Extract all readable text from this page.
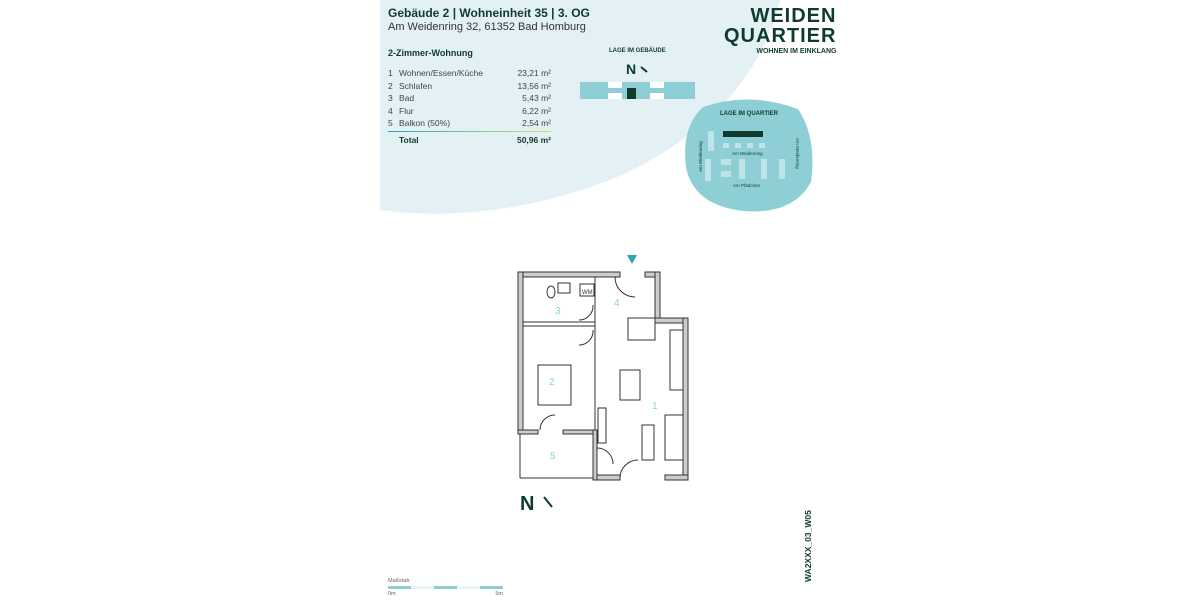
Gebäude 2 | Wohneinheit 35 | 3. OG
Am Weidenring 32, 61352 Bad Homburg
2-Zimmer-Wohnung
1 Wohnen/Essen/Küche	23,21 m²
2 Schlafen	13,56 m²
3 Bad	5,43 m²
4 Flur	6,22 m²
5 Balkon (50%)	2,54 m²
Total	50,96 m²
WEIDEN
QUARTIER
WOHNEN IM EINKLANG
LAGE IM GEBÄUDE
N
LAGE IM QUARTIER
Am Weidenring
Am Weidenring	Am Weidenring
Am Pfädchen
3
4
2
1
5
WM
N
WA2XXX_03_W05
Maßstab
0m	5m
